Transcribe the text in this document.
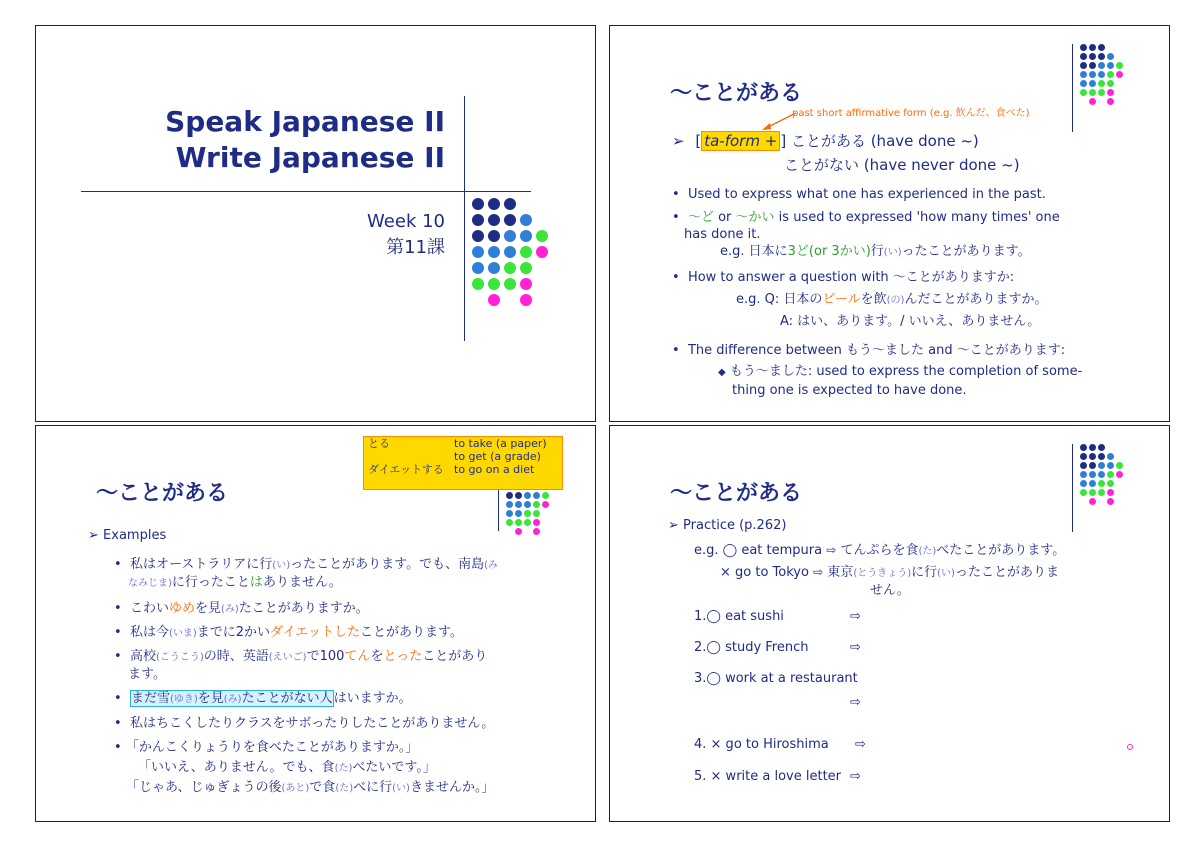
Speak Japanese II
Write Japanese II
Week 10
第11課
～ことがある
past short affirmative form (e.g. 飲んだ、食べた)
➢ [ ta-form + ] ことがある (have done ~)
ことがない (have never done ~)
•  Used to express what one has experienced in the past.
•  ～ど or ～かい is used to expressed 'how many times' one
has done it.
e.g. 日本に3ど(or 3かい)行(い)ったことがあります。
•  How to answer a question with ～ことがありますか:
e.g. Q: 日本のビールを飲(の)んだことがありますか。
A: はい、あります。/ いいえ、ありません。
•  The difference between もう～ました and ～ことがあります:
◆ もう～ました: used to express the completion of some-
thing one is expected to have done.
～ことがある
とる	to take (a paper)
to get (a grade)
ダイエットする to go on a diet
➢ Examples
•  私はオーストラリアに行(い)ったことがあります。でも、南島(み
なみじま)に行ったことはありません。
•  こわいゆめを見(み)たことがありますか。
•  私は今(いま)までに2かいダイエットしたことがあります。
•  高校(こうこう)の時、英語(えいご)で100てんをとったことがあり
ます。
•  まだ雪(ゆき)を見(み)たことがない人はいますか。
•  私はちこくしたりクラスをサボったりしたことがありません。
• 「かんこくりょうりを食べたことがありますか。」
「いいえ、ありません。でも、食(た)べたいです。」
「じゃあ、じゅぎょうの後(あと)で食(た)べに行(い)きませんか。」
～ことがある
➢ Practice (p.262)
e.g. ◯ eat tempura ⇨ てんぷらを食(た)べたことがあります。
× go to Tokyo ⇨ 東京(とうきょう)に行(い)ったことがありま
せん。
1.◯ eat sushi	⇨
2.◯ study French	⇨
3.◯ work at a restaurant
⇨
4. × go to Hiroshima ⇨
5. × write a love letter ⇨
